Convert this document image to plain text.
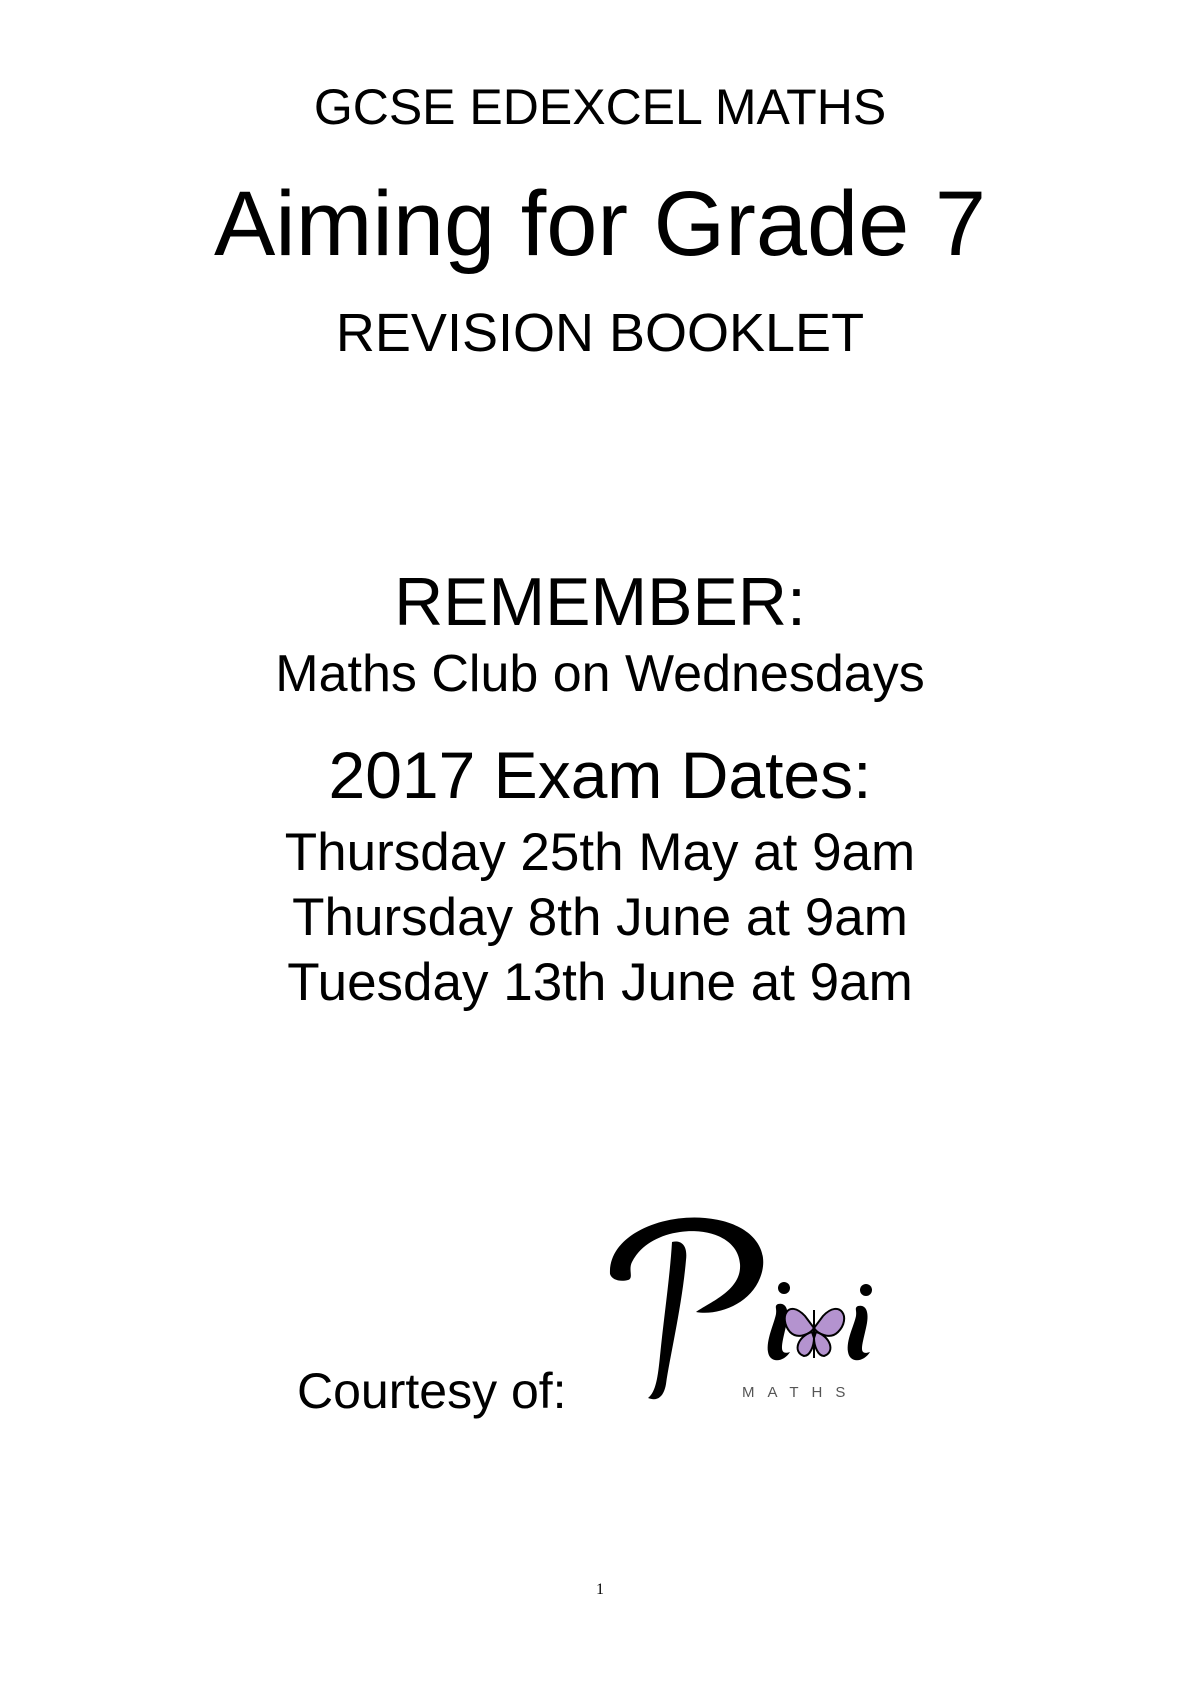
GCSE EDEXCEL MATHS
Aiming for Grade 7
REVISION BOOKLET
REMEMBER:
Maths Club on Wednesdays
2017 Exam Dates:
Thursday 25th May at 9am
Thursday 8th June at 9am
Tuesday 13th June at 9am
Courtesy of:	MATHS
1
